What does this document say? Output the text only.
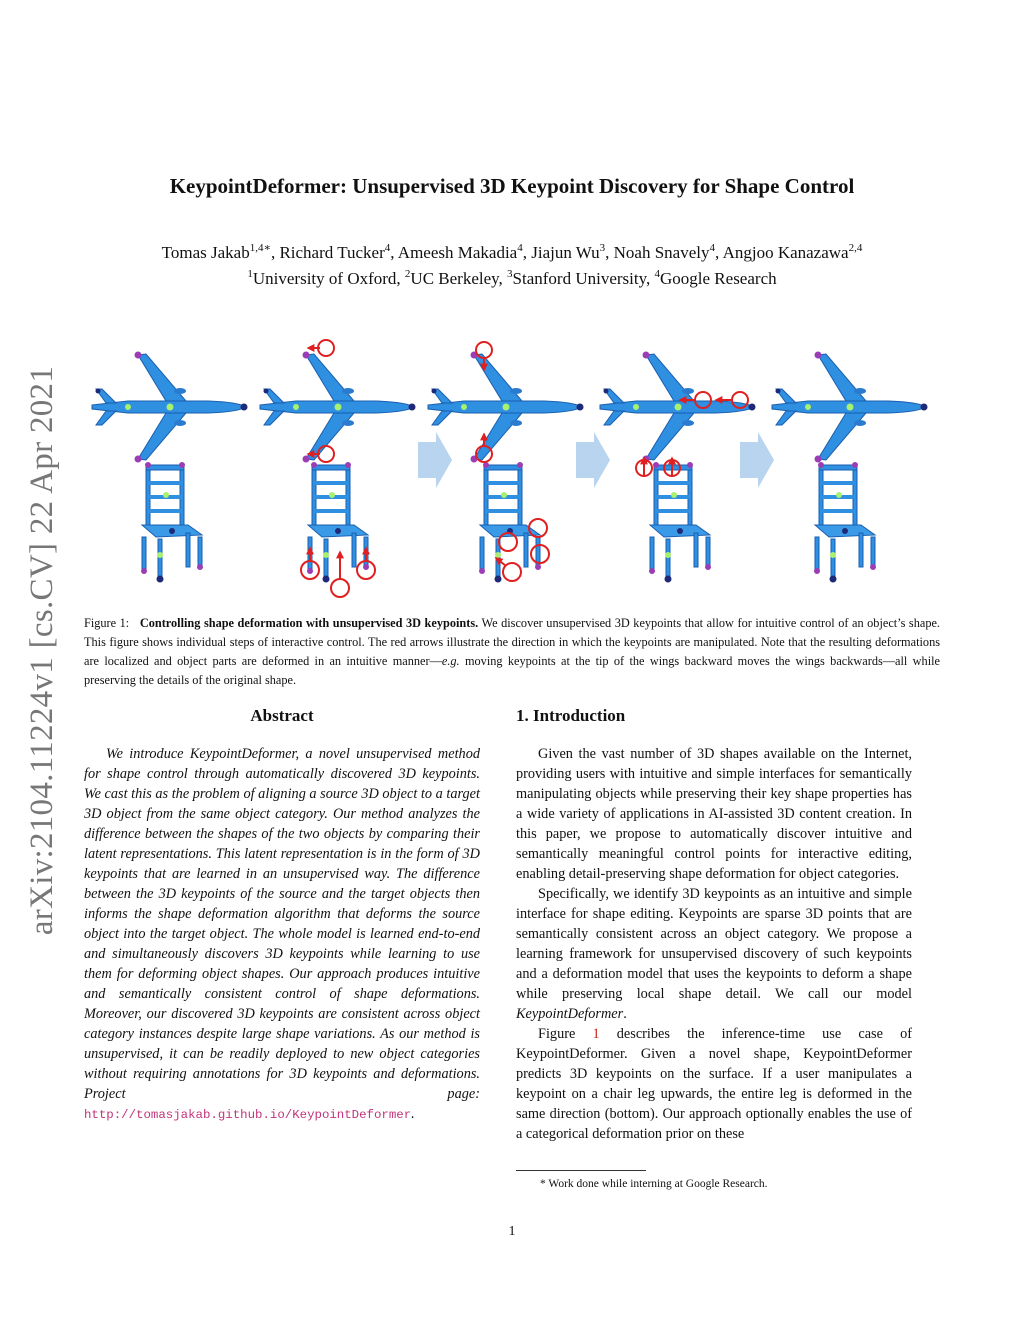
arXiv:2104.11224v1 [cs.CV] 22 Apr 2021
KeypointDeformer: Unsupervised 3D Keypoint Discovery for Shape Control
Tomas Jakab$^{1,4∗}$, Richard Tucker$^4$, Ameesh Makadia$^4$, Jiajun Wu$^3$, Noah Snavely$^4$, Angjoo Kanazawa$^{2,4}$
$^1$University of Oxford, $^2$UC Berkeley, $^3$Stanford University, $^4$Google Research
Figure 1: Controlling shape deformation with unsupervised 3D keypoints. We discover unsupervised 3D keypoints that allow for intuitive control of an object’s shape. This figure shows individual steps of interactive control. The red arrows illustrate the direction in which the keypoints are manipulated. Note that the resulting deformations are localized and object parts are deformed in an intuitive manner—e.g. moving keypoints at the tip of the wings backward moves the wings backwards—all while preserving the details of the original shape.
Abstract

We introduce KeypointDeformer, a novel unsupervised method for shape control through automatically discovered 3D keypoints. We cast this as the problem of aligning a source 3D object to a target 3D object from the same object category. Our method analyzes the difference between the shapes of the two objects by comparing their latent representations. This latent representation is in the form of 3D keypoints that are learned in an unsupervised way. The difference between the 3D keypoints of the source and the target objects then informs the shape deformation algorithm that deforms the source object into the target object. The whole model is learned end-to-end and simultaneously discovers 3D keypoints while learning to use them for deforming object shapes. Our approach produces intuitive and semantically consistent control of shape deformations. Moreover, our discovered 3D keypoints are consistent across object category instances despite large shape variations. As our method is unsupervised, it can be readily deployed to new object categories without requiring annotations for 3D keypoints and deformations. Project page: http://tomasjakab.github.io/KeypointDeformer.

1. Introduction

Given the vast number of 3D shapes available on the Internet, providing users with intuitive and simple interfaces for semantically manipulating objects while preserving their key shape properties has a wide variety of applications in AI-assisted 3D content creation. In this paper, we propose to automatically discover intuitive and semantically meaningful control points for interactive editing, enabling detail-preserving shape deformation for object categories.

Specifically, we identify 3D keypoints as an intuitive and simple interface for shape editing. Keypoints are sparse 3D points that are semantically consistent across an object category. We propose a learning framework for unsupervised discovery of such keypoints and a deformation model that uses the keypoints to deform a shape while preserving local shape detail. We call our model KeypointDeformer.

Figure 1 describes the inference-time use case of KeypointDeformer. Given a novel shape, KeypointDeformer predicts 3D keypoints on the surface. If a user manipulates a keypoint on a chair leg upwards, the entire leg is deformed in the same direction (bottom). Our approach optionally enables the use of a categorical deformation prior on these

* Work done while interning at Google Research.
1
